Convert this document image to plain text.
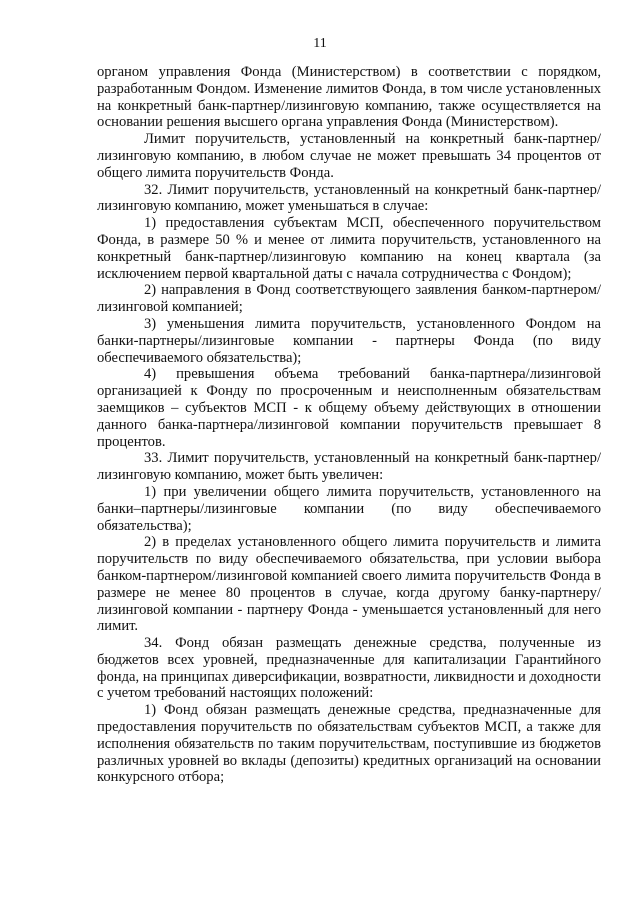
11

органом управления Фонда (Министерством) в соответствии с порядком, разработанным Фондом. Изменение лимитов Фонда, в том числе установленных на конкретный банк-партнер/лизинговую компанию, также осуществляется на основании решения высшего органа управления Фонда (Министерством).

Лимит поручительств, установленный на конкретный банк-партнер/лизинговую компанию, в любом случае не может превышать 34 процентов от общего лимита поручительств Фонда.

32. Лимит поручительств, установленный на конкретный банк-партнер/лизинговую компанию, может уменьшаться в случае:

1) предоставления субъектам МСП, обеспеченного поручительством Фонда, в размере 50 % и менее от лимита поручительств, установленного на конкретный банк-партнер/лизинговую компанию на конец квартала (за исключением первой квартальной даты с начала сотрудничества с Фондом);

2) направления в Фонд соответствующего заявления банком-партнером/лизинговой компанией;

3) уменьшения лимита поручительств, установленного Фондом на банки-партнеры/лизинговые компании - партнеры Фонда (по виду обеспечиваемого обязательства);

4) превышения объема требований банка-партнера/лизинговой организацией к Фонду по просроченным и неисполненным обязательствам заемщиков – субъектов МСП - к общему объему действующих в отношении данного банка-партнера/лизинговой компании поручительств превышает 8 процентов.

33. Лимит поручительств, установленный на конкретный банк-партнер/лизинговую компанию, может быть увеличен:

1) при увеличении общего лимита поручительств, установленного на банки–партнеры/лизинговые компании (по виду обеспечиваемого обязательства);

2) в пределах установленного общего лимита поручительств и лимита поручительств по виду обеспечиваемого обязательства, при условии выбора банком-партнером/лизинговой компанией своего лимита поручительств Фонда в размере не менее 80 процентов в случае, когда другому банку-партнеру/лизинговой компании - партнеру Фонда - уменьшается установленный для него лимит.

34. Фонд обязан размещать денежные средства, полученные из бюджетов всех уровней, предназначенные для капитализации Гарантийного фонда, на принципах диверсификации, возвратности, ликвидности и доходности с учетом требований настоящих положений:

1) Фонд обязан размещать денежные средства, предназначенные для предоставления поручительств по обязательствам субъектов МСП, а также для исполнения обязательств по таким поручительствам, поступившие из бюджетов различных уровней во вклады (депозиты) кредитных организаций на основании конкурсного отбора;
